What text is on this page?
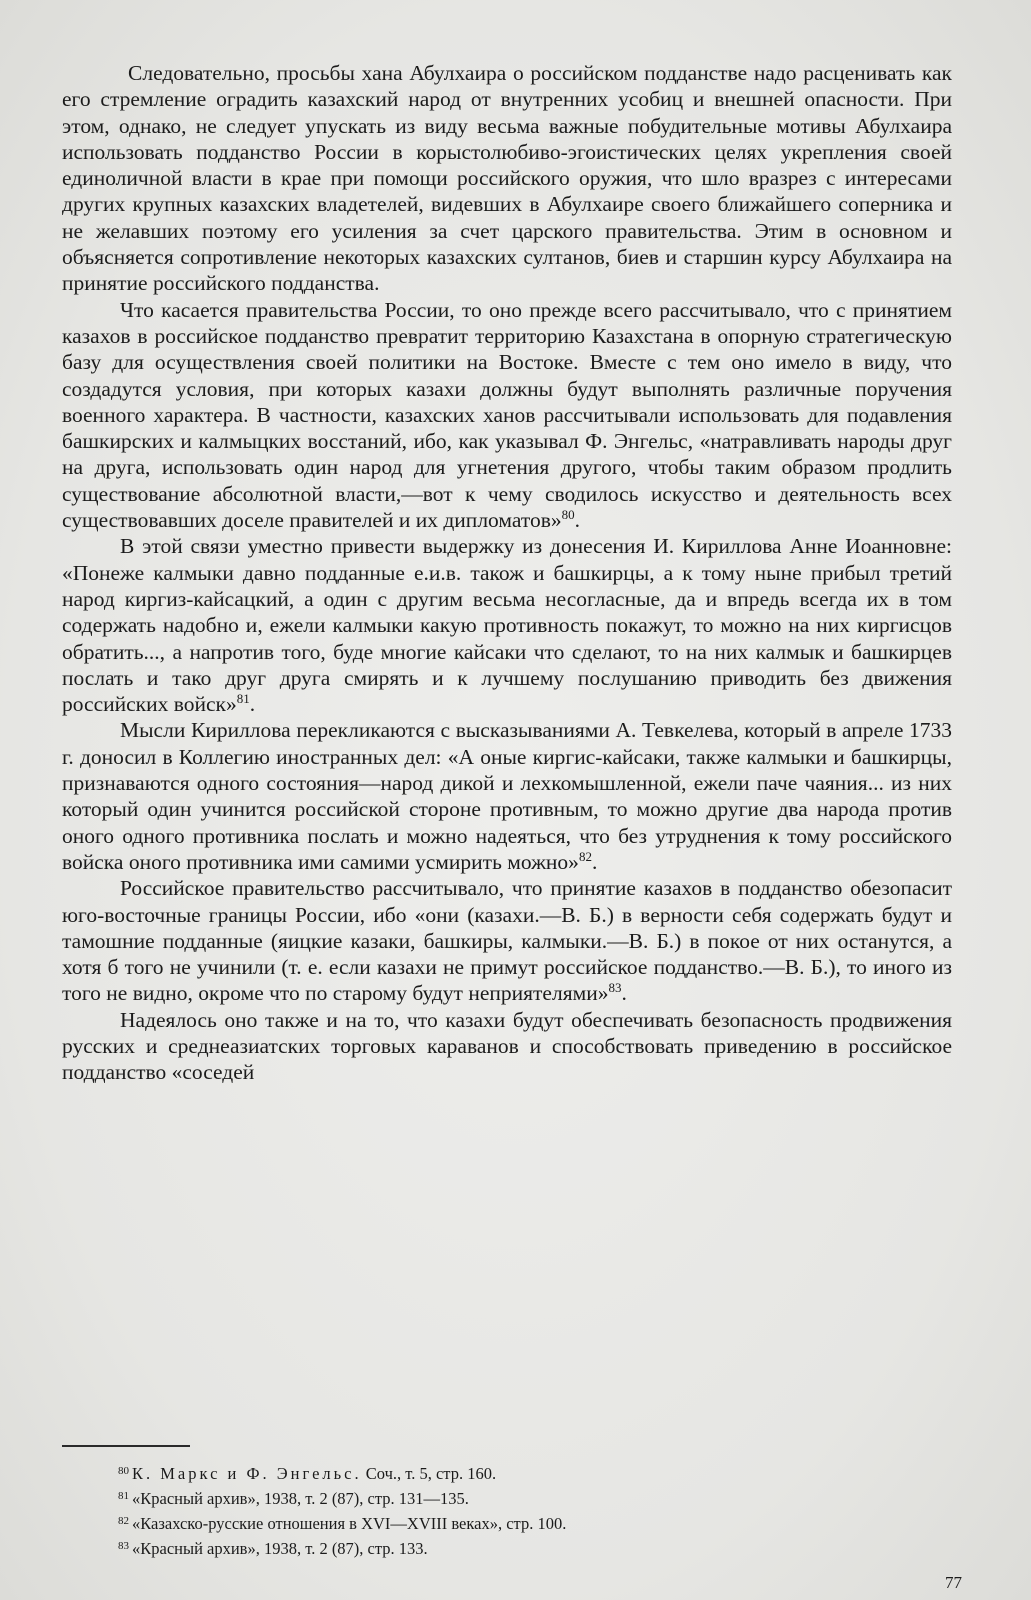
Следовательно, просьбы хана Абулхаира о российском подданстве надо расценивать как его стремление оградить казахский народ от внутренних усобиц и внешней опасности. При этом, однако, не следует упускать из виду весьма важные побудительные мотивы Абулхаира использовать подданство России в корыстолюбиво-эгоистических целях укрепления своей единоличной власти в крае при помощи российского оружия, что шло вразрез с интересами других крупных казахских владетелей, видевших в Абулхаире своего ближайшего соперника и не желавших поэтому его усиления за счет царского правительства. Этим в основном и объясняется сопротивление некоторых казахских султанов, биев и старшин курсу Абулхаира на принятие российского подданства.

Что касается правительства России, то оно прежде всего рассчитывало, что с принятием казахов в российское подданство превратит территорию Казахстана в опорную стратегическую базу для осуществления своей политики на Востоке. Вместе с тем оно имело в виду, что создадутся условия, при которых казахи должны будут выполнять различные поручения военного характера. В частности, казахских ханов рассчитывали использовать для подавления башкирских и калмыцких восстаний, ибо, как указывал Ф. Энгельс, «натравливать народы друг на друга, использовать один народ для угнетения другого, чтобы таким образом продлить существование абсолютной власти,—вот к чему сводилось искусство и деятельность всех существовавших доселе правителей и их дипломатов»$^{80}$.

В этой связи уместно привести выдержку из донесения И. Кириллова Анне Иоанновне: «Понеже калмыки давно подданные е.и.в. також и башкирцы, а к тому ныне прибыл третий народ киргиз-кайсацкий, а один с другим весьма несогласные, да и впредь всегда их в том содержать надобно и, ежели калмыки какую противность покажут, то можно на них киргисцов обратить..., а напротив того, буде многие кайсаки что сделают, то на них калмык и башкирцев послать и тако друг друга смирять и к лучшему послушанию приводить без движения российских войск»$^{81}$.

Мысли Кириллова перекликаются с высказываниями А. Тевкелева, который в апреле 1733 г. доносил в Коллегию иностранных дел: «А оные киргис-кайсаки, также калмыки и башкирцы, признаваются одного состояния—народ дикой и лехкомышленной, ежели паче чаяния... из них который один учинится российской стороне противным, то можно другие два народа против оного одного противника послать и можно надеяться, что без утруднения к тому российского войска оного противника ими самими усмирить можно»$^{82}$.

Российское правительство рассчитывало, что принятие казахов в подданство обезопасит юго-восточные границы России, ибо «они (казахи.—В. Б.) в верности себя содержать будут и тамошние подданные (яицкие казаки, башкиры, калмыки.—В. Б.) в покое от них останутся, а хотя б того не учинили (т. е. если казахи не примут российское подданство.—В. Б.), то иного из того не видно, окроме что по старому будут неприятелями»$^{83}$.

Надеялось оно также и на то, что казахи будут обеспечивать безопасность продвижения русских и среднеазиатских торговых караванов и способствовать приведению в российское подданство «соседей

$^{80}$ К. Маркс и Ф. Энгельс. Соч., т. 5, стр. 160.
$^{81}$ «Красный архив», 1938, т. 2 (87), стр. 131—135.
$^{82}$ «Казахско-русские отношения в XVI—XVIII веках», стр. 100.
$^{83}$ «Красный архив», 1938, т. 2 (87), стр. 133.
77
